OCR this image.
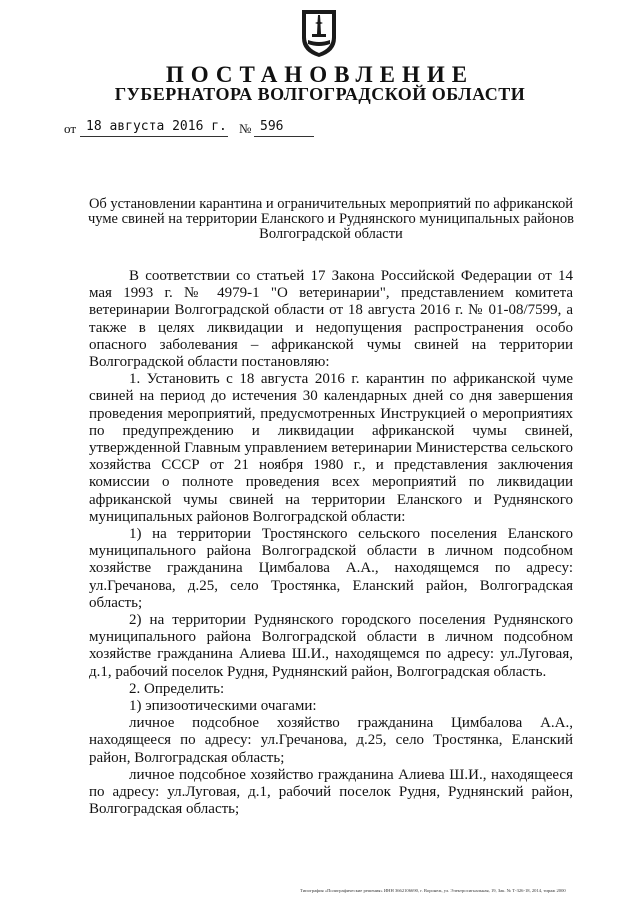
ПОСТАНОВЛЕНИЕ
ГУБЕРНАТОРА ВОЛГОГРАДСКОЙ ОБЛАСТИ
от 18 августа 2016 г. № 596
Об установлении карантина и ограничительных мероприятий по африканской чуме свиней на территории Еланского и Руднянского муниципальных районов Волгоградской области

В соответствии со статьей 17 Закона Российской Федерации от 14 мая 1993 г. № 4979-1 "О ветеринарии", представлением комитета ветеринарии Волгоградской области от 18 августа 2016 г. № 01-08/7599, а также в целях ликвидации и недопущения распространения особо опасного заболевания – африканской чумы свиней на территории Волгоградской области постановляю:

1. Установить с 18 августа 2016 г. карантин по африканской чуме свиней на период до истечения 30 календарных дней со дня завершения проведения мероприятий, предусмотренных Инструкцией о мероприятиях по предупреждению и ликвидации африканской чумы свиней, утвержденной Главным управлением ветеринарии Министерства сельского хозяйства СССР от 21 ноября 1980 г., и представления заключения комиссии о полноте проведения всех мероприятий по ликвидации африканской чумы свиней на территории Еланского и Руднянского муниципальных районов Волгоградской области:

1) на территории Тростянского сельского поселения Еланского муниципального района Волгоградской области в личном подсобном хозяйстве гражданина Цимбалова А.А., находящемся по адресу: ул.Гречанова, д.25, село Тростянка, Еланский район, Волгоградская область;

2) на территории Руднянского городского поселения Руднянского муниципального района Волгоградской области в личном подсобном хозяйстве гражданина Алиева Ш.И., находящемся по адресу: ул.Луговая, д.1, рабочий поселок Рудня, Руднянский район, Волгоградская область.

2. Определить:

1) эпизоотическими очагами:

личное подсобное хозяйство гражданина Цимбалова А.А., находящееся по адресу: ул.Гречанова, д.25, село Тростянка, Еланский район, Волгоградская область;

личное подсобное хозяйство гражданина Алиева Ш.И., находящееся по адресу: ул.Луговая, д.1, рабочий поселок Рудня, Руднянский район, Волгоградская область;

Типография «Полиграфические решения» ИНН 3662106690, г. Воронеж, ул. Электросигнальная, 19, Зак. № Т-326-18, 2014, тираж 2000
